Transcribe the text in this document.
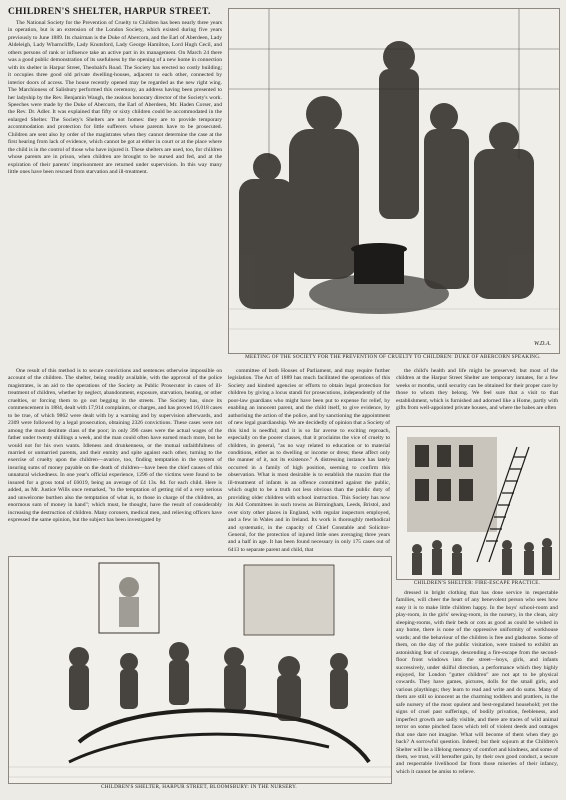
CHILDREN'S SHELTER, HARPUR STREET.

The National Society for the Prevention of Cruelty to Children has been nearly three years in operation, but is an extension of the London Society, which existed during five years previously to June 1889. Its chairman is the Duke of Abercorn, and the Earl of Aberdeen, Lady Aldeleigh, Lady Wharncliffe, Lady Knutsford, Lady George Hamilton, Lord Hugh Cecil, and others persons of rank or influence take an active part in its management. On March 24 there was a good public demonstration of its usefulness by the opening of a new home in connection with its shelter in Harpur Street, Theobald's Road. The Society has erected no costly building; it occupies three good old private dwelling-houses, adjacent to each other, connected by interior doors of access. The house recently opened may be regarded as the new right wing. The Marchioness of Salisbury performed this ceremony, an address having been presented to her ladyship by the Rev. Benjamin Waugh, the zealous honorary director of the Society's work. Speeches were made by the Duke of Abercorn, the Earl of Aberdeen, Mr. Haden Corser, and the Rev. Dr. Adler. It was explained that fifty or sixty children could be accommodated in the enlarged Shelter. The Society's Shelters are not homes: they are to provide temporary accommodation and protection for little sufferers whose parents have to be prosecuted. Children are sent also by order of the magistrates when they cannot determine the case at the first hearing from lack of evidence, which cannot be got at either in court or at the place where the child is in the control of those who have injured it. These shelters are used, too, for children whose parents are in prison, when children are brought to be nursed and fed, and at the expiration of their parents' imprisonment are returned under supervision. In this way many little ones have been rescued from starvation and ill-treatment.

W.D.A.
MEETING OF THE SOCIETY FOR THE PREVENTION OF CRUELTY TO CHILDREN: DUKE OF ABERCORN SPEAKING.

One result of this method is to secure convictions and sentences otherwise impossible on account of the children. The shelter, being readily available, with the approval of the police magistrates, is an aid to the operations of the Society as Public Prosecutor in cases of ill-treatment of children, whether by neglect, abandonment, exposure, starvation, beating, or other cruelties, or forcing them to go out begging in the streets. The Society has, since its commencement in 1884, dealt with 17,914 complaints, or charges, and has proved 16,018 cases to be true, of which 9862 were dealt with by a warning and by supervision afterwards, and 2309 were followed by a legal prosecution, obtaining 2326 convictions. These cases were not among the most destitute class of the poor; in only 396 cases were the actual wages of the father under twenty shillings a week, and the man could often have earned much more, but he would not for his own wants. Idleness and drunkenness, or the mutual unfaithfulness of married or unmarried parents, and their enmity and spite against each other, turning to the exercise of cruelty upon the children—avarice, too, finding temptation in the system of insuring sums of money payable on the death of children—have been the chief causes of this unnatural wickedness. In one year's official experience, 1296 of the victims were found to be insured for a gross total of £6019, being an average of £4 13s. 8d. for each child. Here is added, as Mr. Justice Wills once remarked, "to the temptation of getting rid of a very serious and unwelcome burthen also the temptation of what is, to those in charge of the children, an enormous sum of money in hand"; which must, he thought, have the result of considerably increasing the destruction of children. Many coroners, medical men, and relieving officers have expressed the same opinion, but the subject has been investigated by

committee of both Houses of Parliament, and may require further legislation. The Act of 1889 has much facilitated the operations of this Society and kindred agencies or efforts to obtain legal protection for children by giving a locus standi for prosecutions, independently of the poor-law guardians who might have been put to expense for relief, by enabling an innocent parent, and the child itself, to give evidence, by authorising the action of the police, and by sanctioning the appointment of new legal guardianship. We are decidedly of opinion that a Society of this kind is needful; and it is so far averse to exciting reproach, especially on the poorer classes, that it proclaims the vice of cruelty to children, in general, "as no way related to education or to material conditions, either as to dwelling or income or dress; these affect only the manner of it, not its existence." A distressing instance has lately occurred in a family of high position, seeming to confirm this observation. What is most desirable is to establish the maxim that the ill-treatment of infants is an offence committed against the public, which ought to be a truth not less obvious than the public duty of providing older children with school instruction. This Society has now its Aid Committees in such towns as Birmingham, Leeds, Bristol, and over sixty other places in England, with regular inspectors employed, and a few in Wales and in Ireland. Its work is thoroughly methodical and systematic, in the capacity of Chief Constable and Solicitor-General, for the protection of injured little ones averaging three years and a half in age. It has been found necessary in only 175 cases out of 6413 to separate parent and child, that

the child's health and life might be preserved; but most of the children at the Harpur Street Shelter are temporary inmates, for a few weeks or months, until security can be obtained for their proper care by those to whom they belong. We feel sure that a visit to that establishment, which is furnished and adorned like a Home, partly with gifts from well-appointed private houses, and where the babes are often

CHILDREN'S SHELTER: FIRE-ESCAPE PRACTICE.
CHILDREN'S SHELTER, HARPUR STREET, BLOOMSBURY: IN THE NURSERY.

dressed in bright clothing that has done service in respectable families, will cheer the heart of any benevolent person who sees how easy it is to make little children happy. In the boys' school-room and play-room, in the girls' sewing-room, in the nursery, in the clean, airy sleeping-rooms, with their beds or cots as good as could be wished in any home, there is none of the oppressive uniformity of workhouse wards; and the behaviour of the children is free and gladsome. Some of them, on the day of the public visitation, were trained to exhibit an astonishing feat of courage, descending a fire-escape from the second-floor front windows into the street—boys, girls, and infants successively, under skilful direction, a performance which they highly enjoyed, for London "gutter children" are not apt to be physical cowards. They have games, pictures, dolls for the small girls, and various playthings; they learn to read and write and do sums. Many of them are still so innocent as the charming toddlers and prattlers, in the safe nursery of the most opulent and best-regulated household; yet the signs of cruel past sufferings, of bodily privation, feebleness, and imperfect growth are sadly visible, and there are traces of wild animal terror on some pinched faces which tell of violent deeds and outrages that one dare not imagine. What will become of them when they go back? A sorrowful question. Indeed; but their sojourn at the Children's Shelter will be a lifelong memory of comfort and kindness, and some of them, we trust, will hereafter gain, by their own good conduct, a secure and respectable livelihood far from those miseries of their infancy, which it cannot be amiss to relieve.
